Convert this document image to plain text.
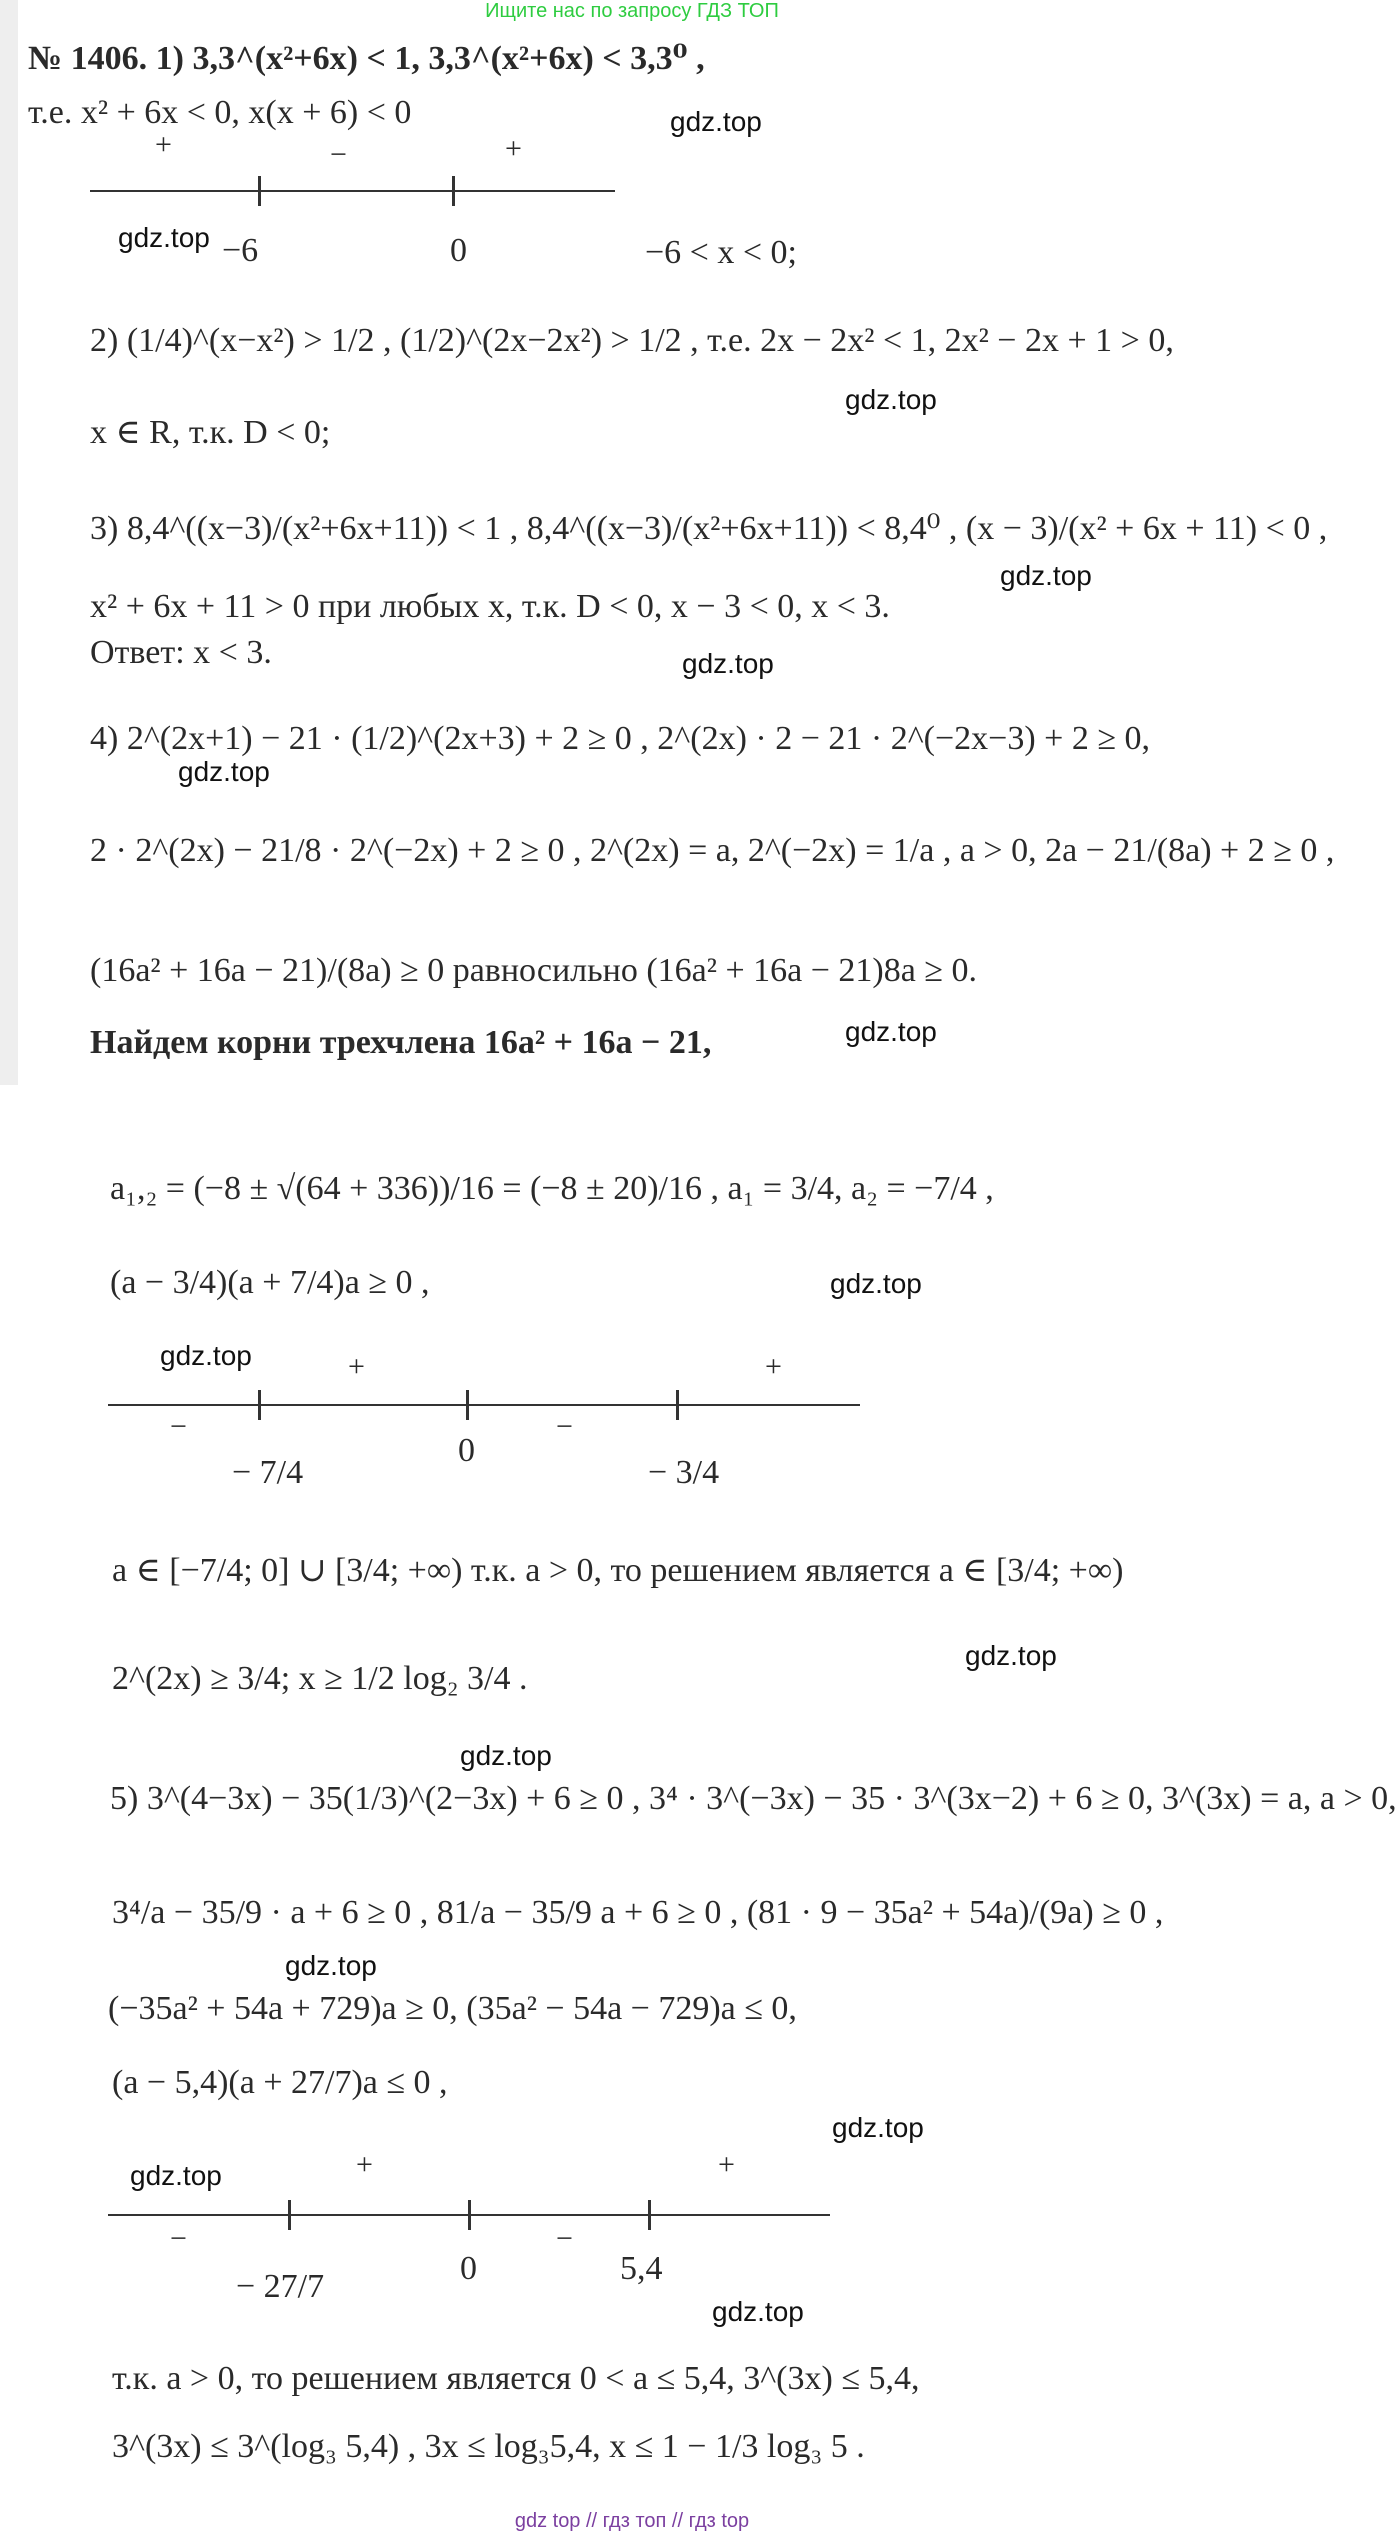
Ищите нас по запросу ГДЗ ТОП
№ 1406. 1) 3,3^(x²+6x) < 1, 3,3^(x²+6x) < 3,3⁰ ,
т.е. x² + 6x < 0, x(x + 6) < 0	gdz.top
+	−	+
−6	0
gdz.top	−6 < x < 0;
2) (1/4)^(x−x²) > 1/2 , (1/2)^(2x−2x²) > 1/2 , т.е. 2x − 2x² < 1, 2x² − 2x + 1 > 0,
gdz.top
x ∈ R, т.к. D < 0;
3) 8,4^((x−3)/(x²+6x+11)) < 1 , 8,4^((x−3)/(x²+6x+11)) < 8,4⁰ , (x − 3)/(x² + 6x + 11) < 0 ,
gdz.top
x² + 6x + 11 > 0 при любых x, т.к. D < 0, x − 3 < 0, x < 3.
Ответ: x < 3.	gdz.top
4) 2^(2x+1) − 21 · (1/2)^(2x+3) + 2 ≥ 0 , 2^(2x) · 2 − 21 · 2^(−2x−3) + 2 ≥ 0,
gdz.top
2 · 2^(2x) − 21/8 · 2^(−2x) + 2 ≥ 0 , 2^(2x) = a, 2^(−2x) = 1/a , a > 0, 2a − 21/(8a) + 2 ≥ 0 ,
(16a² + 16a − 21)/(8a) ≥ 0 равносильно (16a² + 16a − 21)8a ≥ 0.
Найдем корни трехчлена 16a² + 16a − 21,	gdz.top
a₁,₂ = (−8 ± √(64 + 336))/16 = (−8 ± 20)/16 , a₁ = 3/4, a₂ = −7/4 ,
(a − 3/4)(a + 7/4)a ≥ 0 ,	gdz.top
gdz.top	+	+
−	−
− 7/4
0
− 3/4
a ∈ [−7/4; 0] ∪ [3/4; +∞) т.к. a > 0, то решением является a ∈ [3/4; +∞)
gdz.top
2^(2x) ≥ 3/4; x ≥ 1/2 log₂ 3/4 .
gdz.top
5) 3^(4−3x) − 35(1/3)^(2−3x) + 6 ≥ 0 , 3⁴ · 3^(−3x) − 35 · 3^(3x−2) + 6 ≥ 0, 3^(3x) = a, a > 0,
3⁴/a − 35/9 · a + 6 ≥ 0 , 81/a − 35/9 a + 6 ≥ 0 , (81 · 9 − 35a² + 54a)/(9a) ≥ 0 ,
gdz.top
(−35a² + 54a + 729)a ≥ 0, (35a² − 54a − 729)a ≤ 0,
(a − 5,4)(a + 27/7)a ≤ 0 ,
gdz.top
gdz.top	+	+
−	−
− 27/7	0	5,4
gdz.top
т.к. a > 0, то решением является 0 < a ≤ 5,4, 3^(3x) ≤ 5,4,
3^(3x) ≤ 3^(log₃ 5,4) , 3x ≤ log₃5,4, x ≤ 1 − 1/3 log₃ 5 .
gdz top // гдз топ // гдз top
